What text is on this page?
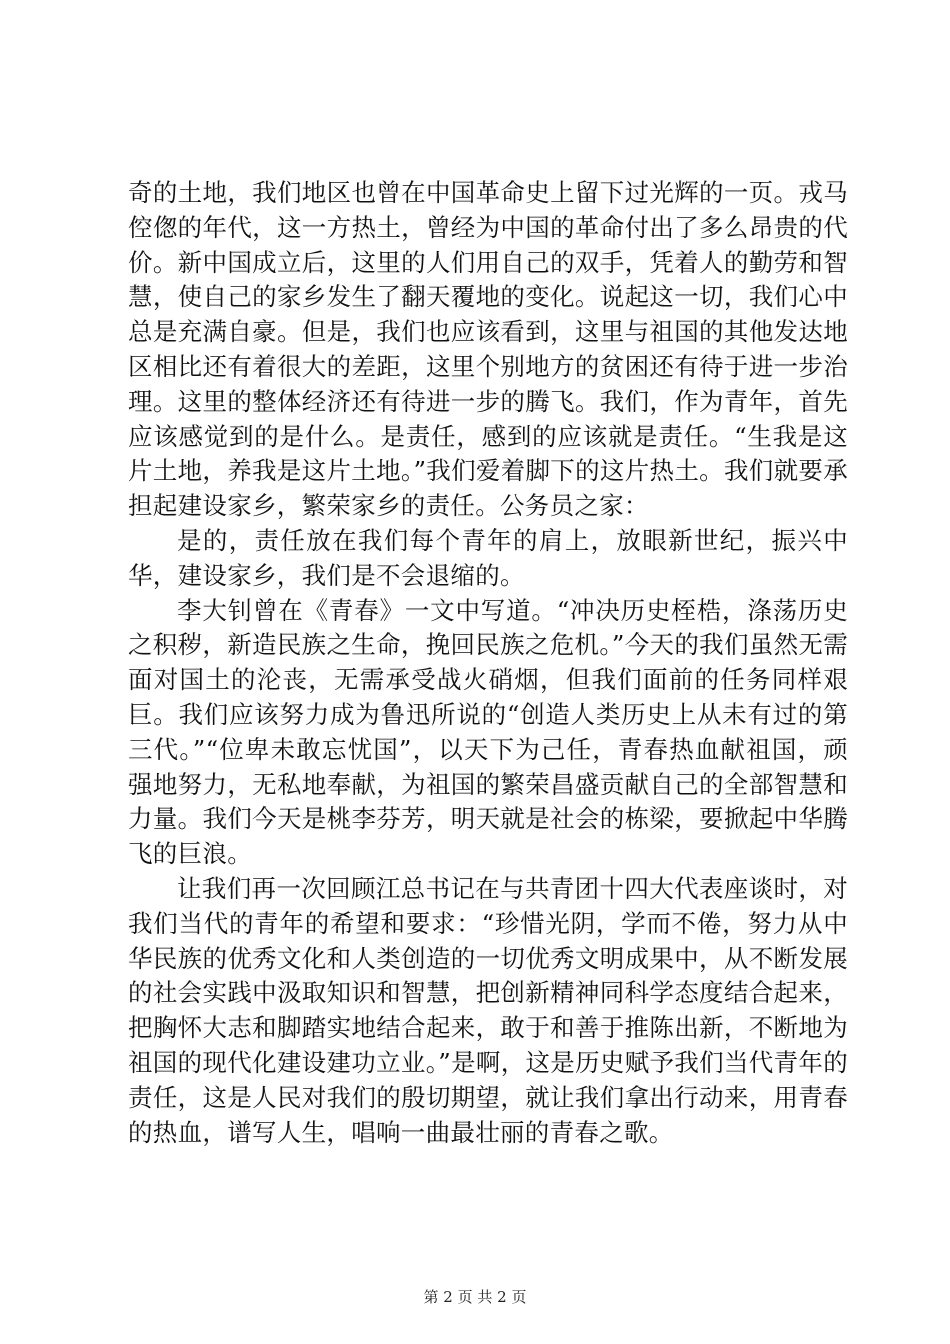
奇的土地，我们地区也曾在中国革命史上留下过光辉的一页。戎马倥偬的年代，这一方热土，曾经为中国的革命付出了多么昂贵的代价。新中国成立后，这里的人们用自己的双手，凭着人的勤劳和智慧，使自己的家乡发生了翻天覆地的变化。说起这一切，我们心中总是充满自豪。但是，我们也应该看到，这里与祖国的其他发达地区相比还有着很大的差距，这里个别地方的贫困还有待于进一步治理。这里的整体经济还有待进一步的腾飞。我们，作为青年，首先应该感觉到的是什么。是责任，感到的应该就是责任。“生我是这片土地，养我是这片土地。”我们爱着脚下的这片热土。我们就要承担起建设家乡，繁荣家乡的责任。公务员之家：

是的，责任放在我们每个青年的肩上，放眼新世纪，振兴中华，建设家乡，我们是不会退缩的。

李大钊曾在《青春》一文中写道。“冲决历史桎梏，涤荡历史之积秽，新造民族之生命，挽回民族之危机。”今天的我们虽然无需面对国土的沦丧，无需承受战火硝烟，但我们面前的任务同样艰巨。我们应该努力成为鲁迅所说的“创造人类历史上从未有过的第三代。”“位卑未敢忘忧国”，以天下为己任，青春热血献祖国，顽强地努力，无私地奉献，为祖国的繁荣昌盛贡献自己的全部智慧和力量。我们今天是桃李芬芳，明天就是社会的栋梁，要掀起中华腾飞的巨浪。

让我们再一次回顾江总书记在与共青团十四大代表座谈时，对我们当代的青年的希望和要求：“珍惜光阴，学而不倦，努力从中华民族的优秀文化和人类创造的一切优秀文明成果中，从不断发展的社会实践中汲取知识和智慧，把创新精神同科学态度结合起来，把胸怀大志和脚踏实地结合起来，敢于和善于推陈出新，不断地为祖国的现代化建设建功立业。”是啊，这是历史赋予我们当代青年的责任，这是人民对我们的殷切期望，就让我们拿出行动来，用青春的热血，谱写人生，唱响一曲最壮丽的青春之歌。

第 2 页 共 2 页
